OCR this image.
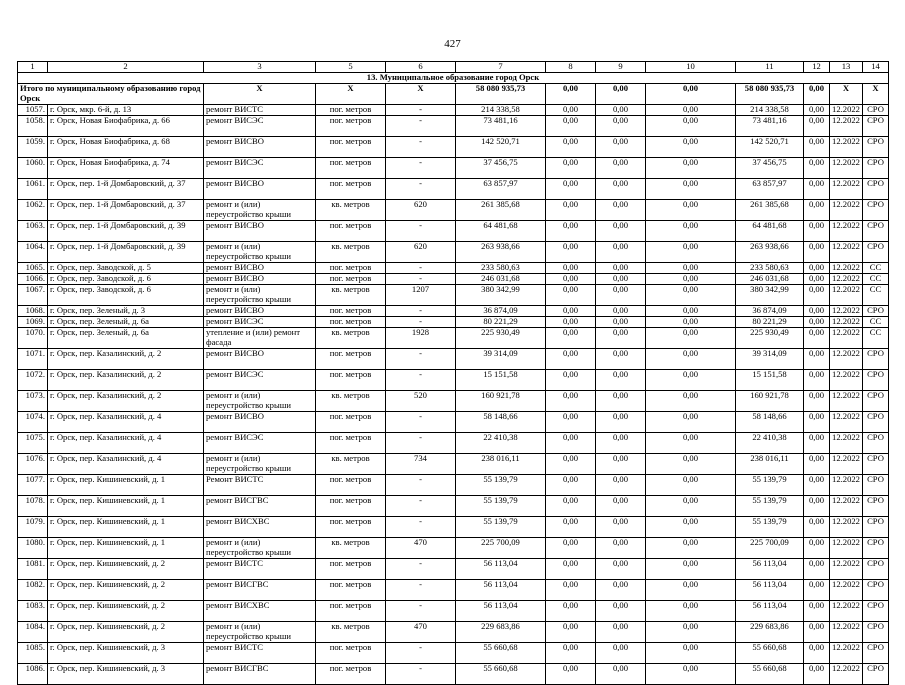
427
1	2	3	5	6	7	8	9	10	11	12	13	14
13. Муниципальное образование город Орск												
Итого по муниципальному образованию город Орск		X	X	X	58 080 935,73	0,00	0,00	0,00	58 080 935,73	0,00	X	X
1057.	г. Орск, мкр. 6-й, д. 13	ремонт ВИСТС	пог. метров	-	214 338,58	0,00	0,00	0,00	214 338,58	0,00	12.2022	СРО
1058.	г. Орск, Новая Биофабрика, д. 66	ремонт ВИСЭС	пог. метров	-	73 481,16	0,00	0,00	0,00	73 481,16	0,00	12.2022	СРО
1059.	г. Орск, Новая Биофабрика, д. 68	ремонт ВИСВО	пог. метров	-	142 520,71	0,00	0,00	0,00	142 520,71	0,00	12.2022	СРО
1060.	г. Орск, Новая Биофабрика, д. 74	ремонт ВИСЭС	пог. метров	-	37 456,75	0,00	0,00	0,00	37 456,75	0,00	12.2022	СРО
1061.	г. Орск, пер. 1-й Домбаровский, д. 37	ремонт ВИСВО	пог. метров	-	63 857,97	0,00	0,00	0,00	63 857,97	0,00	12.2022	СРО
1062.	г. Орск, пер. 1-й Домбаровский, д. 37	ремонт и (или) переустройство крыши	кв. метров	620	261 385,68	0,00	0,00	0,00	261 385,68	0,00	12.2022	СРО
1063.	г. Орск, пер. 1-й Домбаровский, д. 39	ремонт ВИСВО	пог. метров	-	64 481,68	0,00	0,00	0,00	64 481,68	0,00	12.2022	СРО
1064.	г. Орск, пер. 1-й Домбаровский, д. 39	ремонт и (или) переустройство крыши	кв. метров	620	263 938,66	0,00	0,00	0,00	263 938,66	0,00	12.2022	СРО
1065.	г. Орск, пер. Заводской, д. 5	ремонт ВИСВО	пог. метров	-	233 580,63	0,00	0,00	0,00	233 580,63	0,00	12.2022	СС
1066.	г. Орск, пер. Заводской, д. 6	ремонт ВИСВО	пог. метров	-	246 031,68	0,00	0,00	0,00	246 031,68	0,00	12.2022	СС
1067.	г. Орск, пер. Заводской, д. 6	ремонт и (или) переустройство крыши	кв. метров	1207	380 342,99	0,00	0,00	0,00	380 342,99	0,00	12.2022	СС
1068.	г. Орск, пер. Зеленый, д. 3	ремонт ВИСВО	пог. метров	-	36 874,09	0,00	0,00	0,00	36 874,09	0,00	12.2022	СРО
1069.	г. Орск, пер. Зеленый, д. 6а	ремонт ВИСЭС	пог. метров	-	80 221,29	0,00	0,00	0,00	80 221,29	0,00	12.2022	СС
1070.	г. Орск, пер. Зеленый, д. 6а	утепление и (или) ремонт фасада	кв. метров	1928	225 930,49	0,00	0,00	0,00	225 930,49	0,00	12.2022	СС
1071.	г. Орск, пер. Казалинский, д. 2	ремонт ВИСВО	пог. метров	-	39 314,09	0,00	0,00	0,00	39 314,09	0,00	12.2022	СРО
1072.	г. Орск, пер. Казалинский, д. 2	ремонт ВИСЭС	пог. метров	-	15 151,58	0,00	0,00	0,00	15 151,58	0,00	12.2022	СРО
1073.	г. Орск, пер. Казалинский, д. 2	ремонт и (или) переустройство крыши	кв. метров	520	160 921,78	0,00	0,00	0,00	160 921,78	0,00	12.2022	СРО
1074.	г. Орск, пер. Казалинский, д. 4	ремонт ВИСВО	пог. метров	-	58 148,66	0,00	0,00	0,00	58 148,66	0,00	12.2022	СРО
1075.	г. Орск, пер. Казалинский, д. 4	ремонт ВИСЭС	пог. метров	-	22 410,38	0,00	0,00	0,00	22 410,38	0,00	12.2022	СРО
1076.	г. Орск, пер. Казалинский, д. 4	ремонт и (или) переустройство крыши	кв. метров	734	238 016,11	0,00	0,00	0,00	238 016,11	0,00	12.2022	СРО
1077.	г. Орск, пер. Кишиневский, д. 1	Ремонт ВИСТС	пог. метров	-	55 139,79	0,00	0,00	0,00	55 139,79	0,00	12.2022	СРО
1078.	г. Орск, пер. Кишиневский, д. 1	ремонт ВИСГВС	пог. метров	-	55 139,79	0,00	0,00	0,00	55 139,79	0,00	12.2022	СРО
1079.	г. Орск, пер. Кишиневский, д. 1	ремонт ВИСХВС	пог. метров	-	55 139,79	0,00	0,00	0,00	55 139,79	0,00	12.2022	СРО
1080.	г. Орск, пер. Кишиневский, д. 1	ремонт и (или) переустройство крыши	кв. метров	470	225 700,09	0,00	0,00	0,00	225 700,09	0,00	12.2022	СРО
1081.	г. Орск, пер. Кишиневский, д. 2	ремонт ВИСТС	пог. метров	-	56 113,04	0,00	0,00	0,00	56 113,04	0,00	12.2022	СРО
1082.	г. Орск, пер. Кишиневский, д. 2	ремонт ВИСГВС	пог. метров	-	56 113,04	0,00	0,00	0,00	56 113,04	0,00	12.2022	СРО
1083.	г. Орск, пер. Кишиневский, д. 2	ремонт ВИСХВС	пог. метров	-	56 113,04	0,00	0,00	0,00	56 113,04	0,00	12.2022	СРО
1084.	г. Орск, пер. Кишиневский, д. 2	ремонт и (или) переустройство крыши	кв. метров	470	229 683,86	0,00	0,00	0,00	229 683,86	0,00	12.2022	СРО
1085.	г. Орск, пер. Кишиневский, д. 3	ремонт ВИСТС	пог. метров	-	55 660,68	0,00	0,00	0,00	55 660,68	0,00	12.2022	СРО
1086.	г. Орск, пер. Кишиневский, д. 3	ремонт ВИСГВС	пог. метров	-	55 660,68	0,00	0,00	0,00	55 660,68	0,00	12.2022	СРО
